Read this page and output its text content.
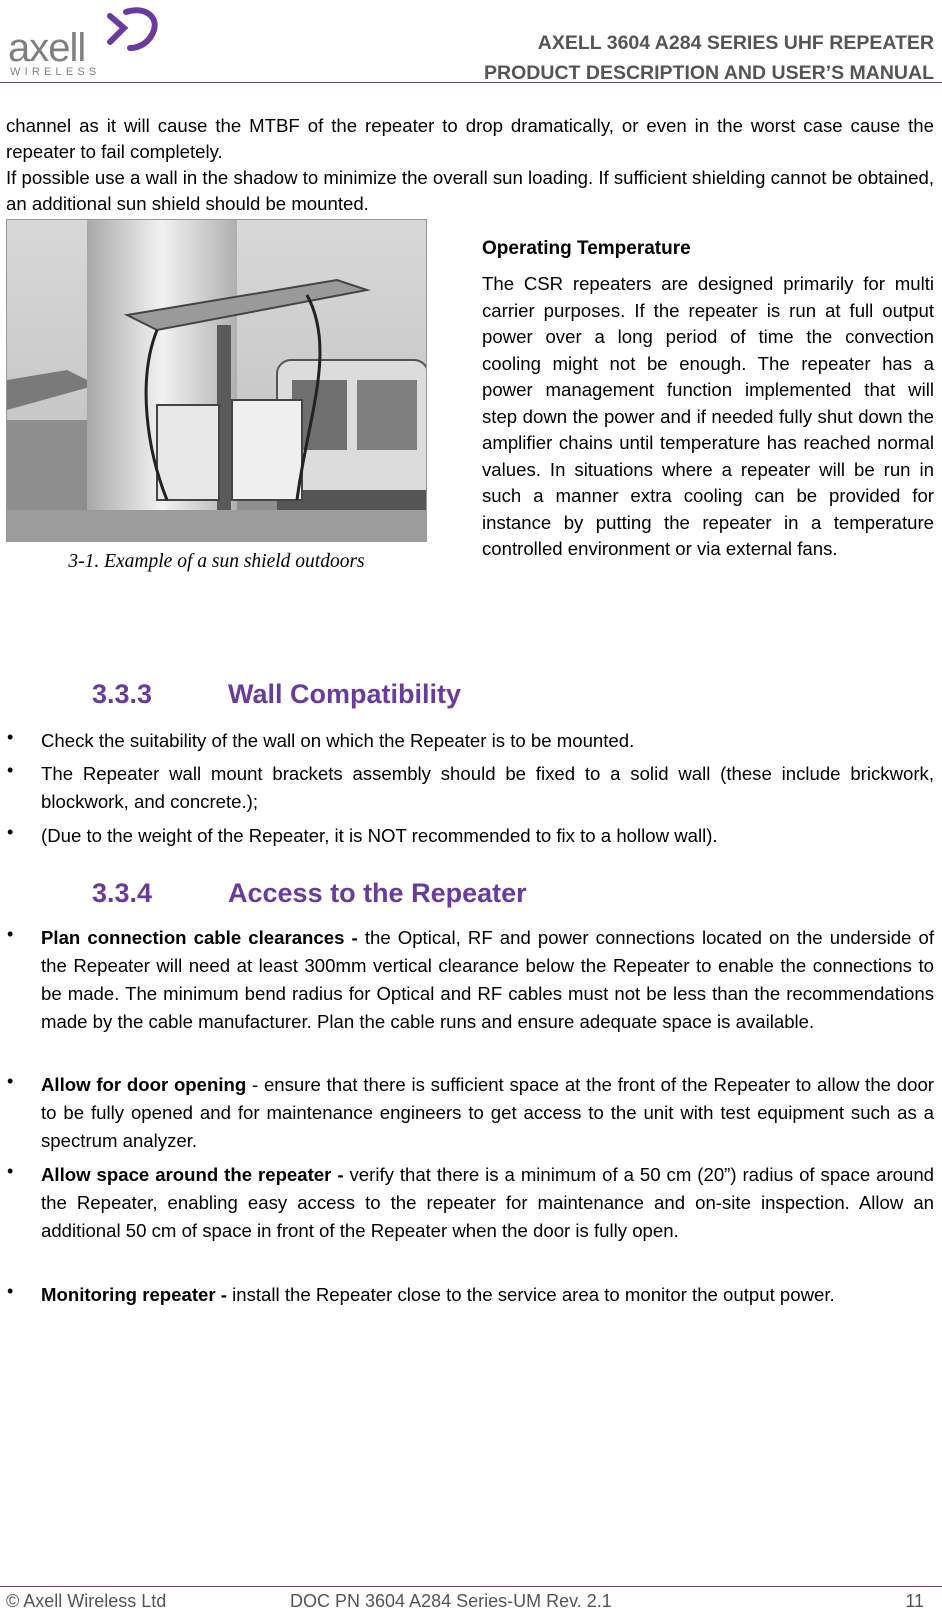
axell
WIRELESS
AXELL 3604 A284 SERIES UHF REPEATER
PRODUCT DESCRIPTION AND USER’S MANUAL
channel as it will cause the MTBF of the repeater to drop dramatically, or even in the worst case cause the repeater to fail completely.
If possible use a wall in the shadow to minimize the overall sun loading. If sufficient shielding cannot be obtained, an additional sun shield should be mounted.
3-1. Example of a sun shield outdoors
Operating Temperature
The CSR repeaters are designed primarily for multi carrier purposes. If the repeater is run at full output power over a long period of time the convection cooling might not be enough. The repeater has a power management function implemented that will step down the power and if needed fully shut down the amplifier chains until temperature has reached normal values. In situations where a repeater will be run in such a manner extra cooling can be provided for instance by putting the repeater in a temperature controlled environment or via external fans.
3.3.3	Wall Compatibility
• Check the suitability of the wall on which the Repeater is to be mounted.
• The Repeater wall mount brackets assembly should be fixed to a solid wall (these include brickwork, blockwork, and concrete.);
• (Due to the weight of the Repeater, it is NOT recommended to fix to a hollow wall).
3.3.4	Access to the Repeater
• Plan connection cable clearances - the Optical, RF and power connections located on the underside of the Repeater will need at least 300mm vertical clearance below the Repeater to enable the connections to be made. The minimum bend radius for Optical and RF cables must not be less than the recommendations made by the cable manufacturer. Plan the cable runs and ensure adequate space is available.
• Allow for door opening - ensure that there is sufficient space at the front of the Repeater to allow the door to be fully opened and for maintenance engineers to get access to the unit with test equipment such as a spectrum analyzer.
• Allow space around the repeater - verify that there is a minimum of a 50 cm (20”) radius of space around the Repeater, enabling easy access to the repeater for maintenance and on-site inspection. Allow an additional 50 cm of space in front of the Repeater when the door is fully open.
• Monitoring repeater - install the Repeater close to the service area to monitor the output power.
© Axell Wireless Ltd	DOC PN 3604 A284 Series-UM Rev. 2.1	11
